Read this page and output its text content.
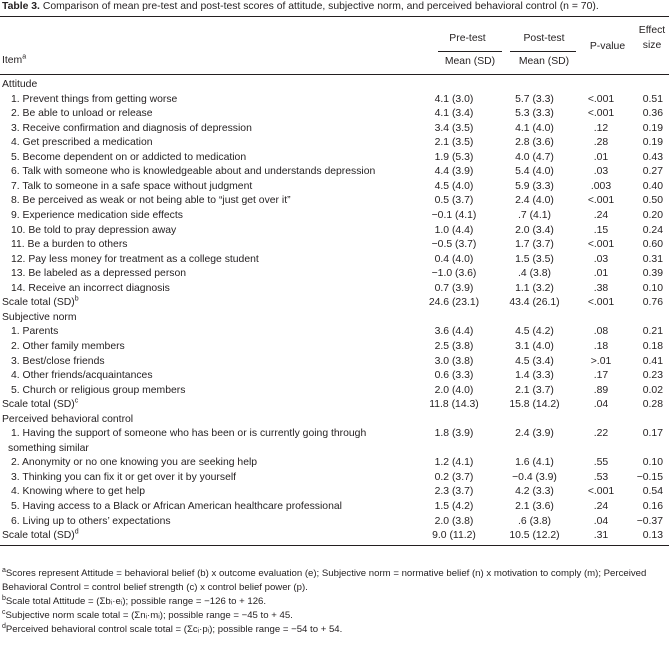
Table 3. Comparison of mean pre-test and post-test scores of attitude, subjective norm, and perceived behavioral control (n = 70).
Pre-test	Post-test
P-value
Effect
size
Item$^a$	Mean (SD)	Mean (SD)
Attitude
1. Prevent things from getting worse	4.1 (3.0)	5.7 (3.3)	<.001	0.51
2. Be able to unload or release	4.1 (3.4)	5.3 (3.3)	<.001	0.36
3. Receive confirmation and diagnosis of depression	3.4 (3.5)	4.1 (4.0)	.12	0.19
4. Get prescribed a medication	2.1 (3.5)	2.8 (3.6)	.28	0.19
5. Become dependent on or addicted to medication	1.9 (5.3)	4.0 (4.7)	.01	0.43
6. Talk with someone who is knowledgeable about and understands depression	4.4 (3.9)	5.4 (4.0)	.03	0.27
7. Talk to someone in a safe space without judgment	4.5 (4.0)	5.9 (3.3)	.003	0.40
8. Be perceived as weak or not being able to “just get over it”	0.5 (3.7)	2.4 (4.0)	<.001	0.50
9. Experience medication side effects	−0.1 (4.1)	.7 (4.1)	.24	0.20
10. Be told to pray depression away	1.0 (4.4)	2.0 (3.4)	.15	0.24
11. Be a burden to others	−0.5 (3.7)	1.7 (3.7)	<.001	0.60
12. Pay less money for treatment as a college student	0.4 (4.0)	1.5 (3.5)	.03	0.31
13. Be labeled as a depressed person	−1.0 (3.6)	.4 (3.8)	.01	0.39
14. Receive an incorrect diagnosis	0.7 (3.9)	1.1 (3.2)	.38	0.10
Scale total (SD)$^b$	24.6 (23.1)	43.4 (26.1)	<.001	0.76
Subjective norm
1. Parents	3.6 (4.4)	4.5 (4.2)	.08	0.21
2. Other family members	2.5 (3.8)	3.1 (4.0)	.18	0.18
3. Best/close friends	3.0 (3.8)	4.5 (3.4)	>.01	0.41
4. Other friends/acquaintances	0.6 (3.3)	1.4 (3.3)	.17	0.23
5. Church or religious group members	2.0 (4.0)	2.1 (3.7)	.89	0.02
Scale total (SD)$^c$	11.8 (14.3)	15.8 (14.2)	.04	0.28
Perceived behavioral control
1. Having the support of someone who has been or is currently going through
something similar
1.8 (3.9)	2.4 (3.9)	.22	0.17
2. Anonymity or no one knowing you are seeking help	1.2 (4.1)	1.6 (4.1)	.55	0.10
3. Thinking you can fix it or get over it by yourself	0.2 (3.7)	−0.4 (3.9)	.53	−0.15
4. Knowing where to get help	2.3 (3.7)	4.2 (3.3)	<.001	0.54
5. Having access to a Black or African American healthcare professional	1.5 (4.2)	2.1 (3.6)	.24	0.16
6. Living up to others’ expectations	2.0 (3.8)	.6 (3.8)	.04	−0.37
Scale total (SD)$^d$	9.0 (11.2)	10.5 (12.2)	.31	0.13
$^a$Scores represent Attitude = behavioral belief (b) x outcome evaluation (e); Subjective norm = normative belief (n) x motivation to comply (m); Perceived Behavioral Control = control belief strength (c) x control belief power (p).
$^b$Scale total Attitude = (Σbᵢ·eᵢ); possible range = −126 to + 126.
$^c$Subjective norm scale total = (Σnᵢ·mᵢ); possible range = −45 to + 45.
$^d$Perceived behavioral control scale total = (Σcᵢ·pᵢ); possible range = −54 to + 54.
